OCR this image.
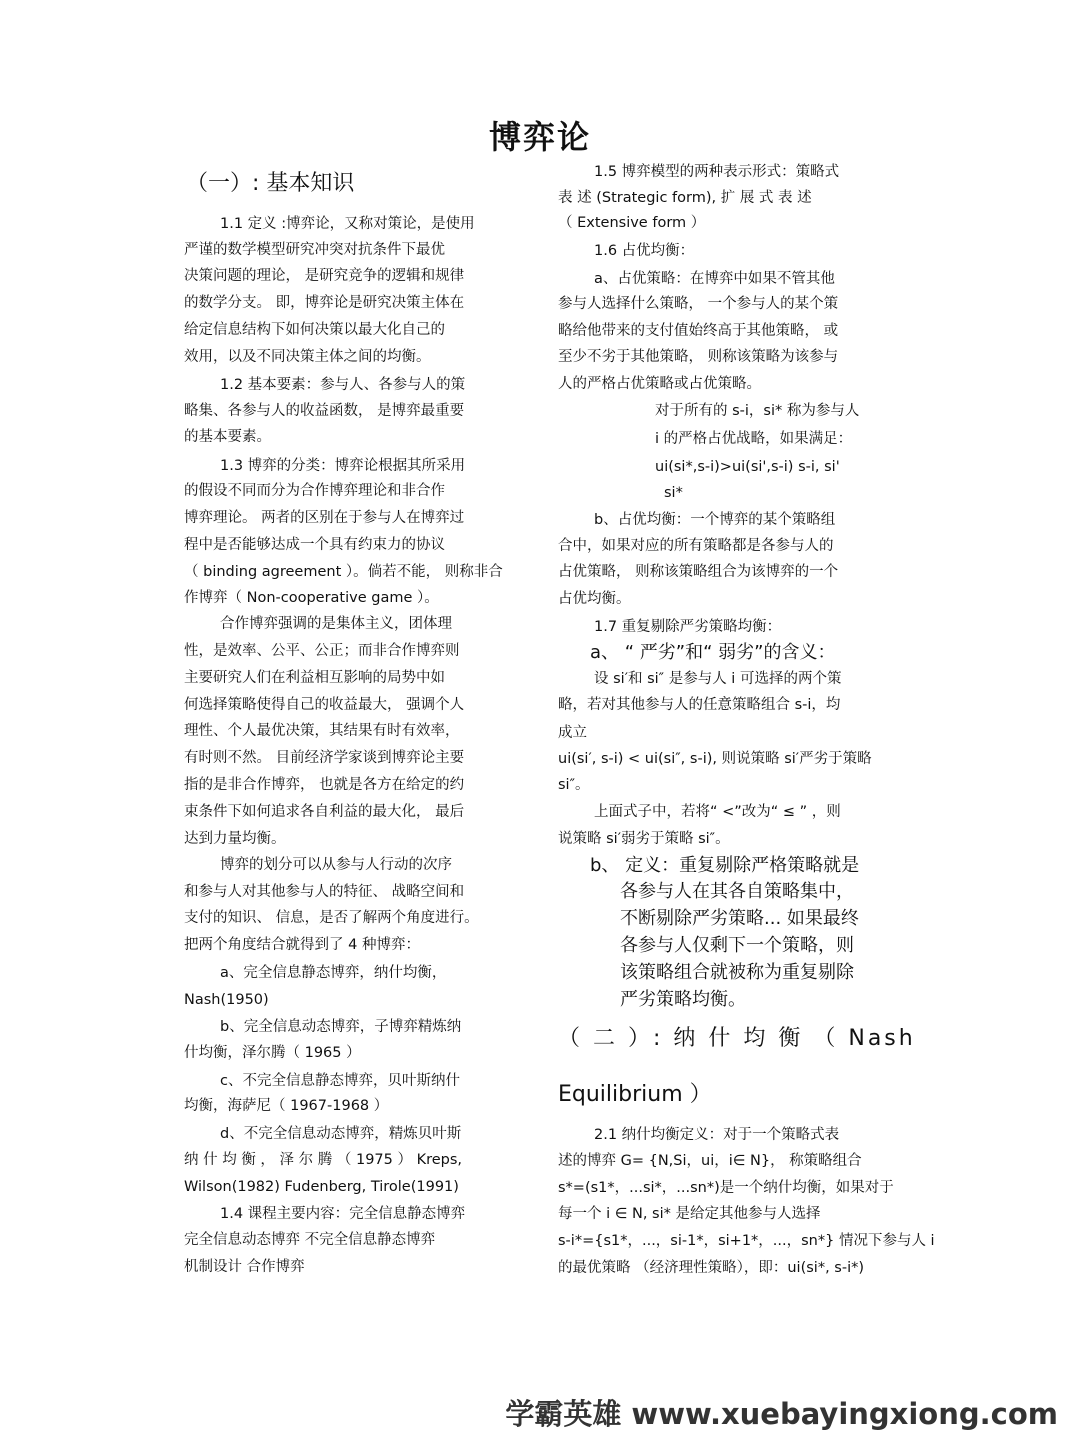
博弈论
（一）: 基本知识
1.1 定义 :博弈论，又称对策论，是使用
严谨的数学模型研究冲突对抗条件下最优
决策问题的理论， 是研究竞争的逻辑和规律
的数学分支。 即，博弈论是研究决策主体在
给定信息结构下如何决策以最大化自己的
效用，以及不同决策主体之间的均衡。
1.2 基本要素：参与人、各参与人的策
略集、各参与人的收益函数， 是博弈最重要
的基本要素。
1.3 博弈的分类：博弈论根据其所采用
的假设不同而分为合作博弈理论和非合作
博弈理论。 两者的区别在于参与人在博弈过
程中是否能够达成一个具有约束力的协议
（ binding agreement ）。倘若不能， 则称非合
作博弈（ Non-cooperative game ）。
合作博弈强调的是集体主义，团体理
性，是效率、公平、公正；而非合作博弈则
主要研究人们在利益相互影响的局势中如
何选择策略使得自己的收益最大， 强调个人
理性、个人最优决策，其结果有时有效率，
有时则不然。 目前经济学家谈到博弈论主要
指的是非合作博弈， 也就是各方在给定的约
束条件下如何追求各自利益的最大化， 最后
达到力量均衡。
博弈的划分可以从参与人行动的次序
和参与人对其他参与人的特征、 战略空间和
支付的知识、 信息，是否了解两个角度进行。
把两个角度结合就得到了 4 种博弈：
a、完全信息静态博弈，纳什均衡，
Nash(1950)
b、完全信息动态博弈，子博弈精炼纳
什均衡，泽尔腾（ 1965 ）
c、不完全信息静态博弈，贝叶斯纳什
均衡，海萨尼（ 1967-1968 ）
d、不完全信息动态博弈，精炼贝叶斯
纳 什 均 衡 ， 泽 尔 腾 （ 1975 ） Kreps,
Wilson(1982) Fudenberg, Tirole(1991)
1.4 课程主要内容：完全信息静态博弈
完全信息动态博弈 不完全信息静态博弈
机制设计 合作博弈
1.5 博弈模型的两种表示形式：策略式
表 述 (Strategic form), 扩 展 式 表 述
（ Extensive form ）
1.6 占优均衡：
a、占优策略：在博弈中如果不管其他
参与人选择什么策略， 一个参与人的某个策
略给他带来的支付值始终高于其他策略， 或
至少不劣于其他策略， 则称该策略为该参与
人的严格占优策略或占优策略。
对于所有的 s-i，si* 称为参与人
i 的严格占优战略，如果满足：
ui(si*,s-i)>ui(si',s-i) s-i, si'
si*
b、占优均衡：一个博弈的某个策略组
合中，如果对应的所有策略都是各参与人的
占优策略， 则称该策略组合为该博弈的一个
占优均衡。
1.7 重复剔除严劣策略均衡：
a、 “ 严劣”和“ 弱劣”的含义：
设 si′和 si″ 是参与人 i 可选择的两个策
略，若对其他参与人的任意策略组合 s-i，均
成立
ui(si′, s-i) < ui(si″, s-i), 则说策略 si′严劣于策略
si″。
上面式子中，若将“ <”改为“ ≤ ” ，则
说策略 si′弱劣于策略 si″。
b、 定义：重复剔除严格策略就是
各参与人在其各自策略集中，
不断剔除严劣策略... 如果最终
各参与人仅剩下一个策略，则
该策略组合就被称为重复剔除
严劣策略均衡。
（ 二 ）: 纳 什 均 衡 （ Nash
Equilibrium ）
2.1 纳什均衡定义：对于一个策略式表
述的博弈 G= {N,Si，ui，i∈ N}， 称策略组合
s*=(s1*，...si*，...sn*)是一个纳什均衡，如果对于
每一个 i ∈ N, si* 是给定其他参与人选择
s-i*={s1*，...，si-1*，si+1*，...，sn*} 情况下参与人 i
的最优策略 （经济理性策略），即：ui(si*, s-i*)
学霸英雄 www.xuebayingxiong.com
